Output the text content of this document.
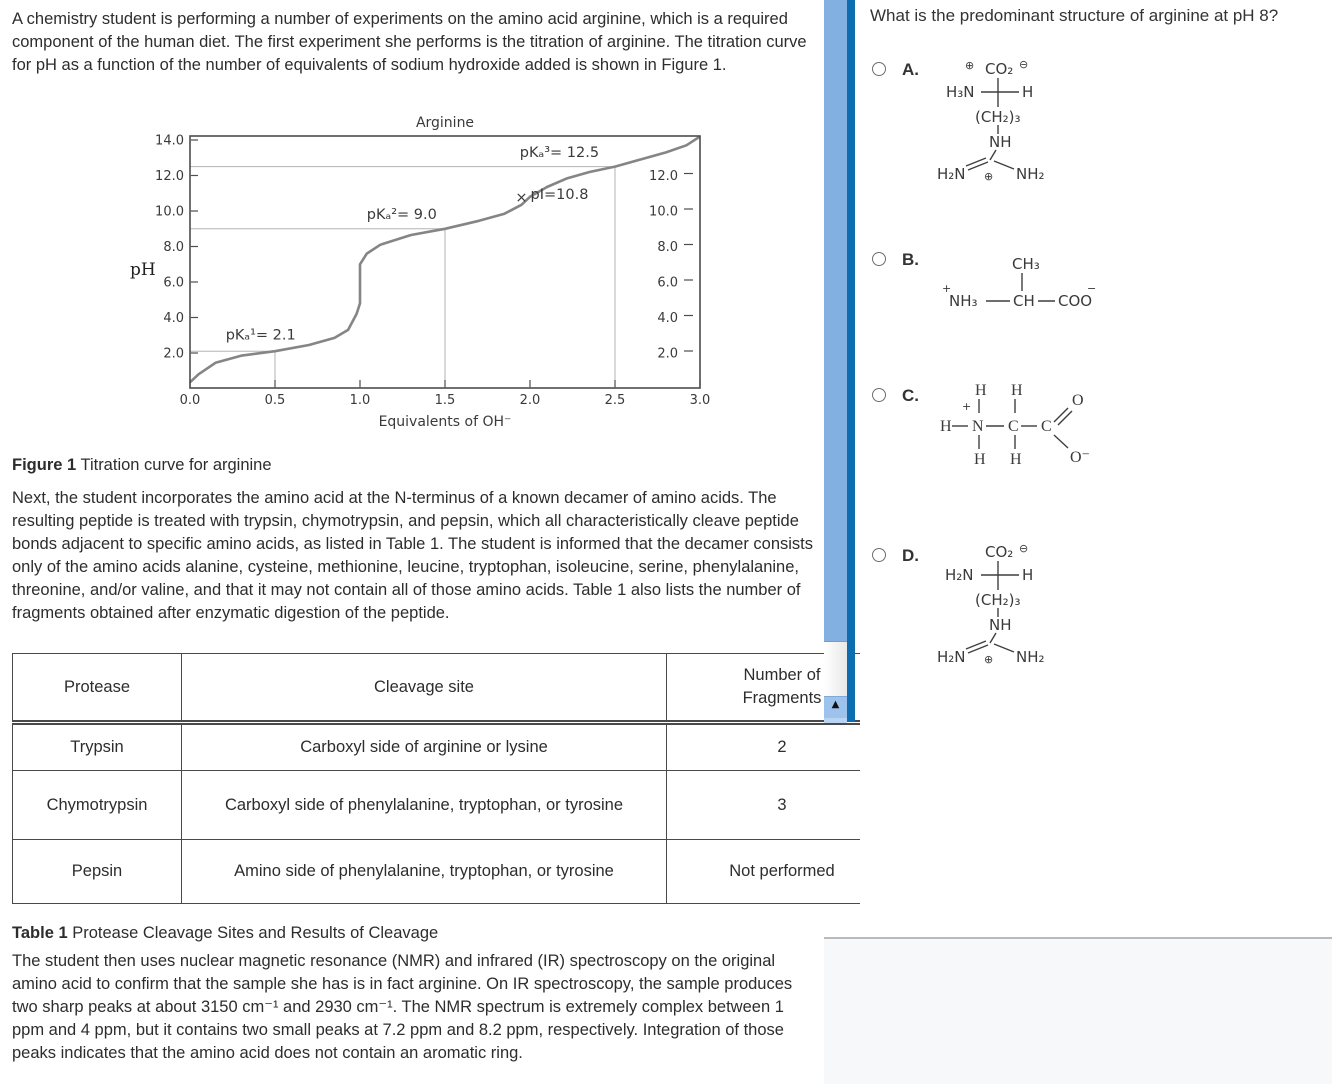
A chemistry student is performing a number of experiments on the amino acid arginine, which is a required component of the human diet. The first experiment she performs is the titration of arginine. The titration curve for pH as a function of the number of equivalents of sodium hydroxide added is shown in Figure 1.

2.0
4.0
6.0
8.0
10.0
12.0
14.0
2.0
4.0
6.0
8.0
10.0
12.0
0.0	0.5	1.0	1.5	2.0	2.5	3.0
pKₐ¹= 2.1
pKₐ²= 9.0
pKₐ³= 12.5
× pI=10.8
Arginine
pH
Equivalents of OH⁻

Figure 1 Titration curve for arginine

Next, the student incorporates the amino acid at the N-terminus of a known decamer of amino acids. The resulting peptide is treated with trypsin, chymotrypsin, and pepsin, which all characteristically cleave peptide bonds adjacent to specific amino acids, as listed in Table 1. The student is informed that the decamer consists only of the amino acids alanine, cysteine, methionine, leucine, tryptophan, isoleucine, serine, phenylalanine, threonine, and/or valine, and that it may not contain all of those amino acids. Table 1 also lists the number of fragments obtained after enzymatic digestion of the peptide.

Protease	Cleavage site	Number of Fragments
Trypsin	Carboxyl side of arginine or lysine	2
Chymotrypsin	Carboxyl side of phenylalanine, tryptophan, or tyrosine	3
Pepsin	Amino side of phenylalanine, tryptophan, or tyrosine	Not performed

Table 1 Protease Cleavage Sites and Results of Cleavage

The student then uses nuclear magnetic resonance (NMR) and infrared (IR) spectroscopy on the original amino acid to confirm that the sample she has is in fact arginine. On IR spectroscopy, the sample produces two sharp peaks at about 3150 cm⁻¹ and 2930 cm⁻¹. The NMR spectrum is extremely complex between 1 ppm and 4 ppm, but it contains two small peaks at 7.2 ppm and 8.2 ppm, respectively. Integration of those peaks indicates that the amino acid does not contain an aromatic ring.

▲

What is the predominant structure of arginine at pH 8?

A.	⊕ CO₂ ⊖
H₃N	H
(CH₂)₃
NH
H₂N ⊕ NH₂
B.	CH₃
+
NH₃ CH COO
−
C.	H H
+
H N C C
H H
O
O⁻
D.	CO₂ ⊖
H₂N	H
(CH₂)₃
NH
H₂N ⊕ NH₂
